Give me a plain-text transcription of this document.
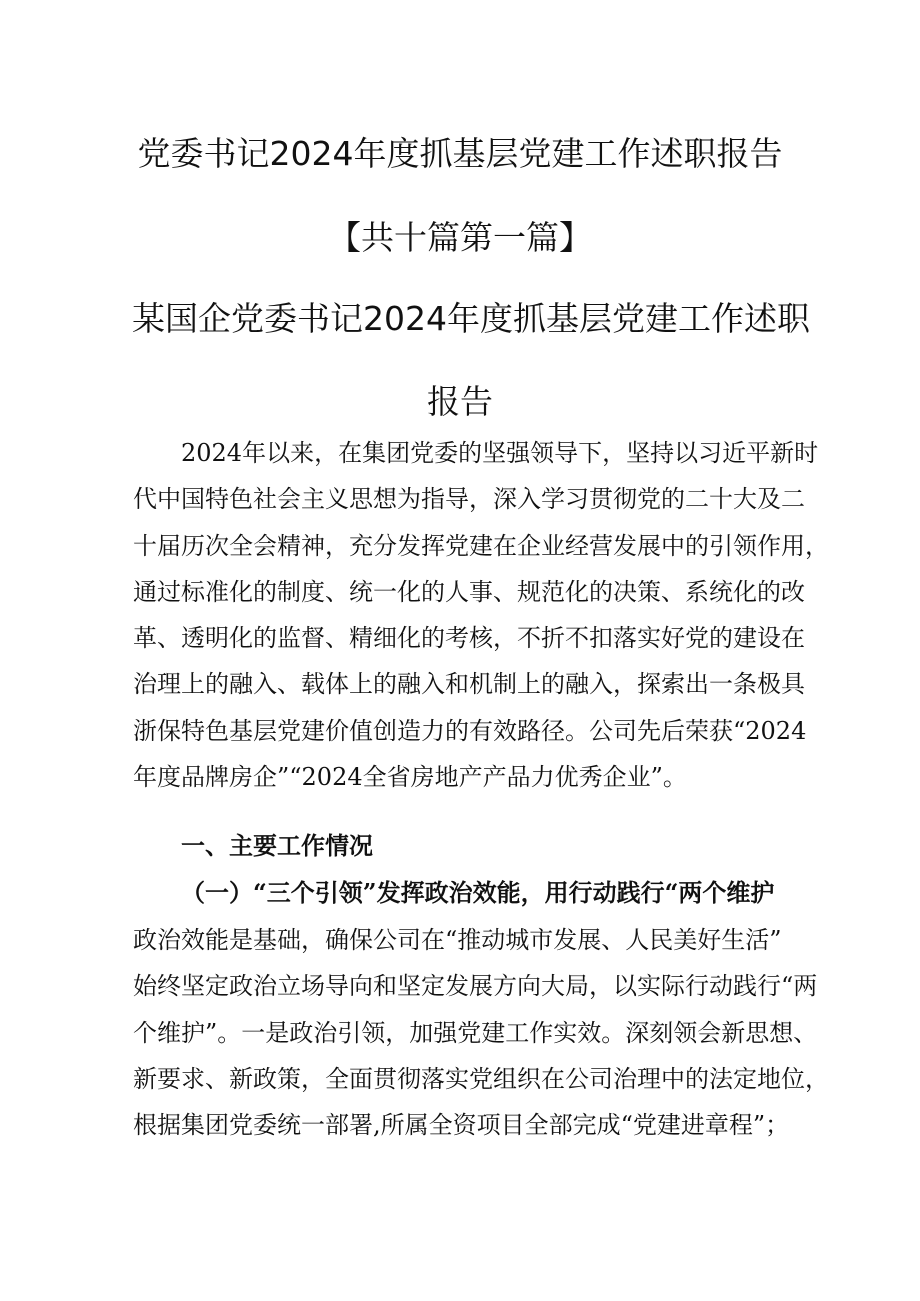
党委书记2024年度抓基层党建工作述职报告
【共十篇第一篇】
某国企党委书记2024年度抓基层党建工作述职
报告
2024年以来，在集团党委的坚强领导下，坚持以习近平新时
代中国特色社会主义思想为指导，深入学习贯彻党的二十大及二
十届历次全会精神，充分发挥党建在企业经营发展中的引领作用，
通过标准化的制度、统一化的人事、规范化的决策、系统化的改
革、透明化的监督、精细化的考核，不折不扣落实好党的建设在
治理上的融入、载体上的融入和机制上的融入，探索出一条极具
浙保特色基层党建价值创造力的有效路径。公司先后荣获“2024
年度品牌房企”“2024全省房地产产品力优秀企业”。
一、主要工作情况
（一）“三个引领”发挥政治效能，用行动践行“两个维护
政治效能是基础，确保公司在“推动城市发展、人民美好生活”
始终坚定政治立场导向和坚定发展方向大局，以实际行动践行“两
个维护”。一是政治引领，加强党建工作实效。深刻领会新思想、
新要求、新政策，全面贯彻落实党组织在公司治理中的法定地位，
根据集团党委统一部署,所属全资项目全部完成“党建进章程”；
